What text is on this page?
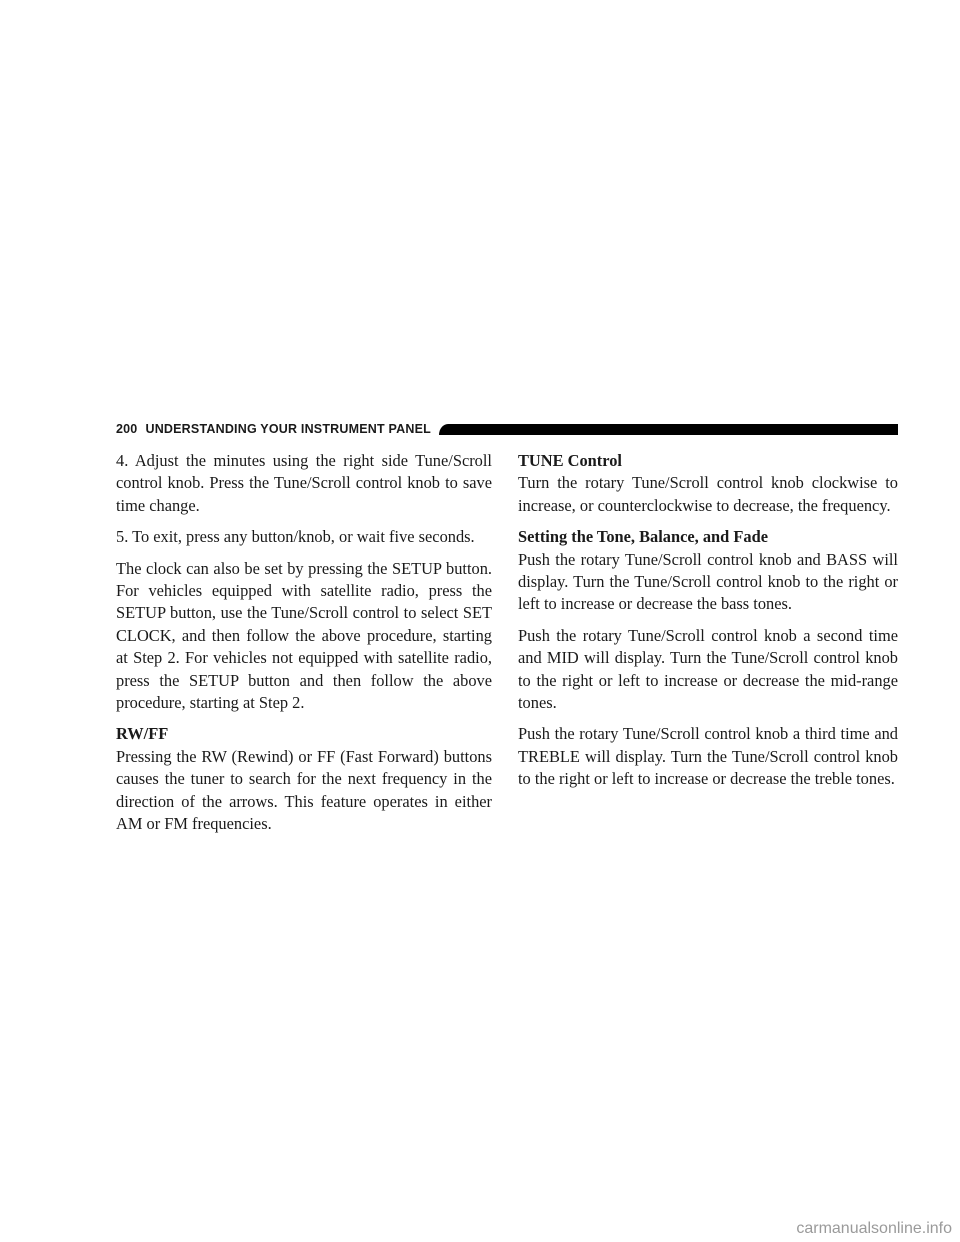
200 UNDERSTANDING YOUR INSTRUMENT PANEL

4. Adjust the minutes using the right side Tune/Scroll control knob. Press the Tune/Scroll control knob to save time change.

5. To exit, press any button/knob, or wait five seconds.

The clock can also be set by pressing the SETUP button. For vehicles equipped with satellite radio, press the SETUP button, use the Tune/Scroll control to select SET CLOCK, and then follow the above procedure, starting at Step 2. For vehicles not equipped with satellite radio, press the SETUP button and then follow the above procedure, starting at Step 2.

RW/FF

Pressing the RW (Rewind) or FF (Fast Forward) buttons causes the tuner to search for the next frequency in the direction of the arrows. This feature operates in either AM or FM frequencies.

TUNE Control

Turn the rotary Tune/Scroll control knob clockwise to increase, or counterclockwise to decrease, the frequency.

Setting the Tone, Balance, and Fade

Push the rotary Tune/Scroll control knob and BASS will display. Turn the Tune/Scroll control knob to the right or left to increase or decrease the bass tones.

Push the rotary Tune/Scroll control knob a second time and MID will display. Turn the Tune/Scroll control knob to the right or left to increase or decrease the mid-range tones.

Push the rotary Tune/Scroll control knob a third time and TREBLE will display. Turn the Tune/Scroll control knob to the right or left to increase or decrease the treble tones.

carmanualsonline.info
